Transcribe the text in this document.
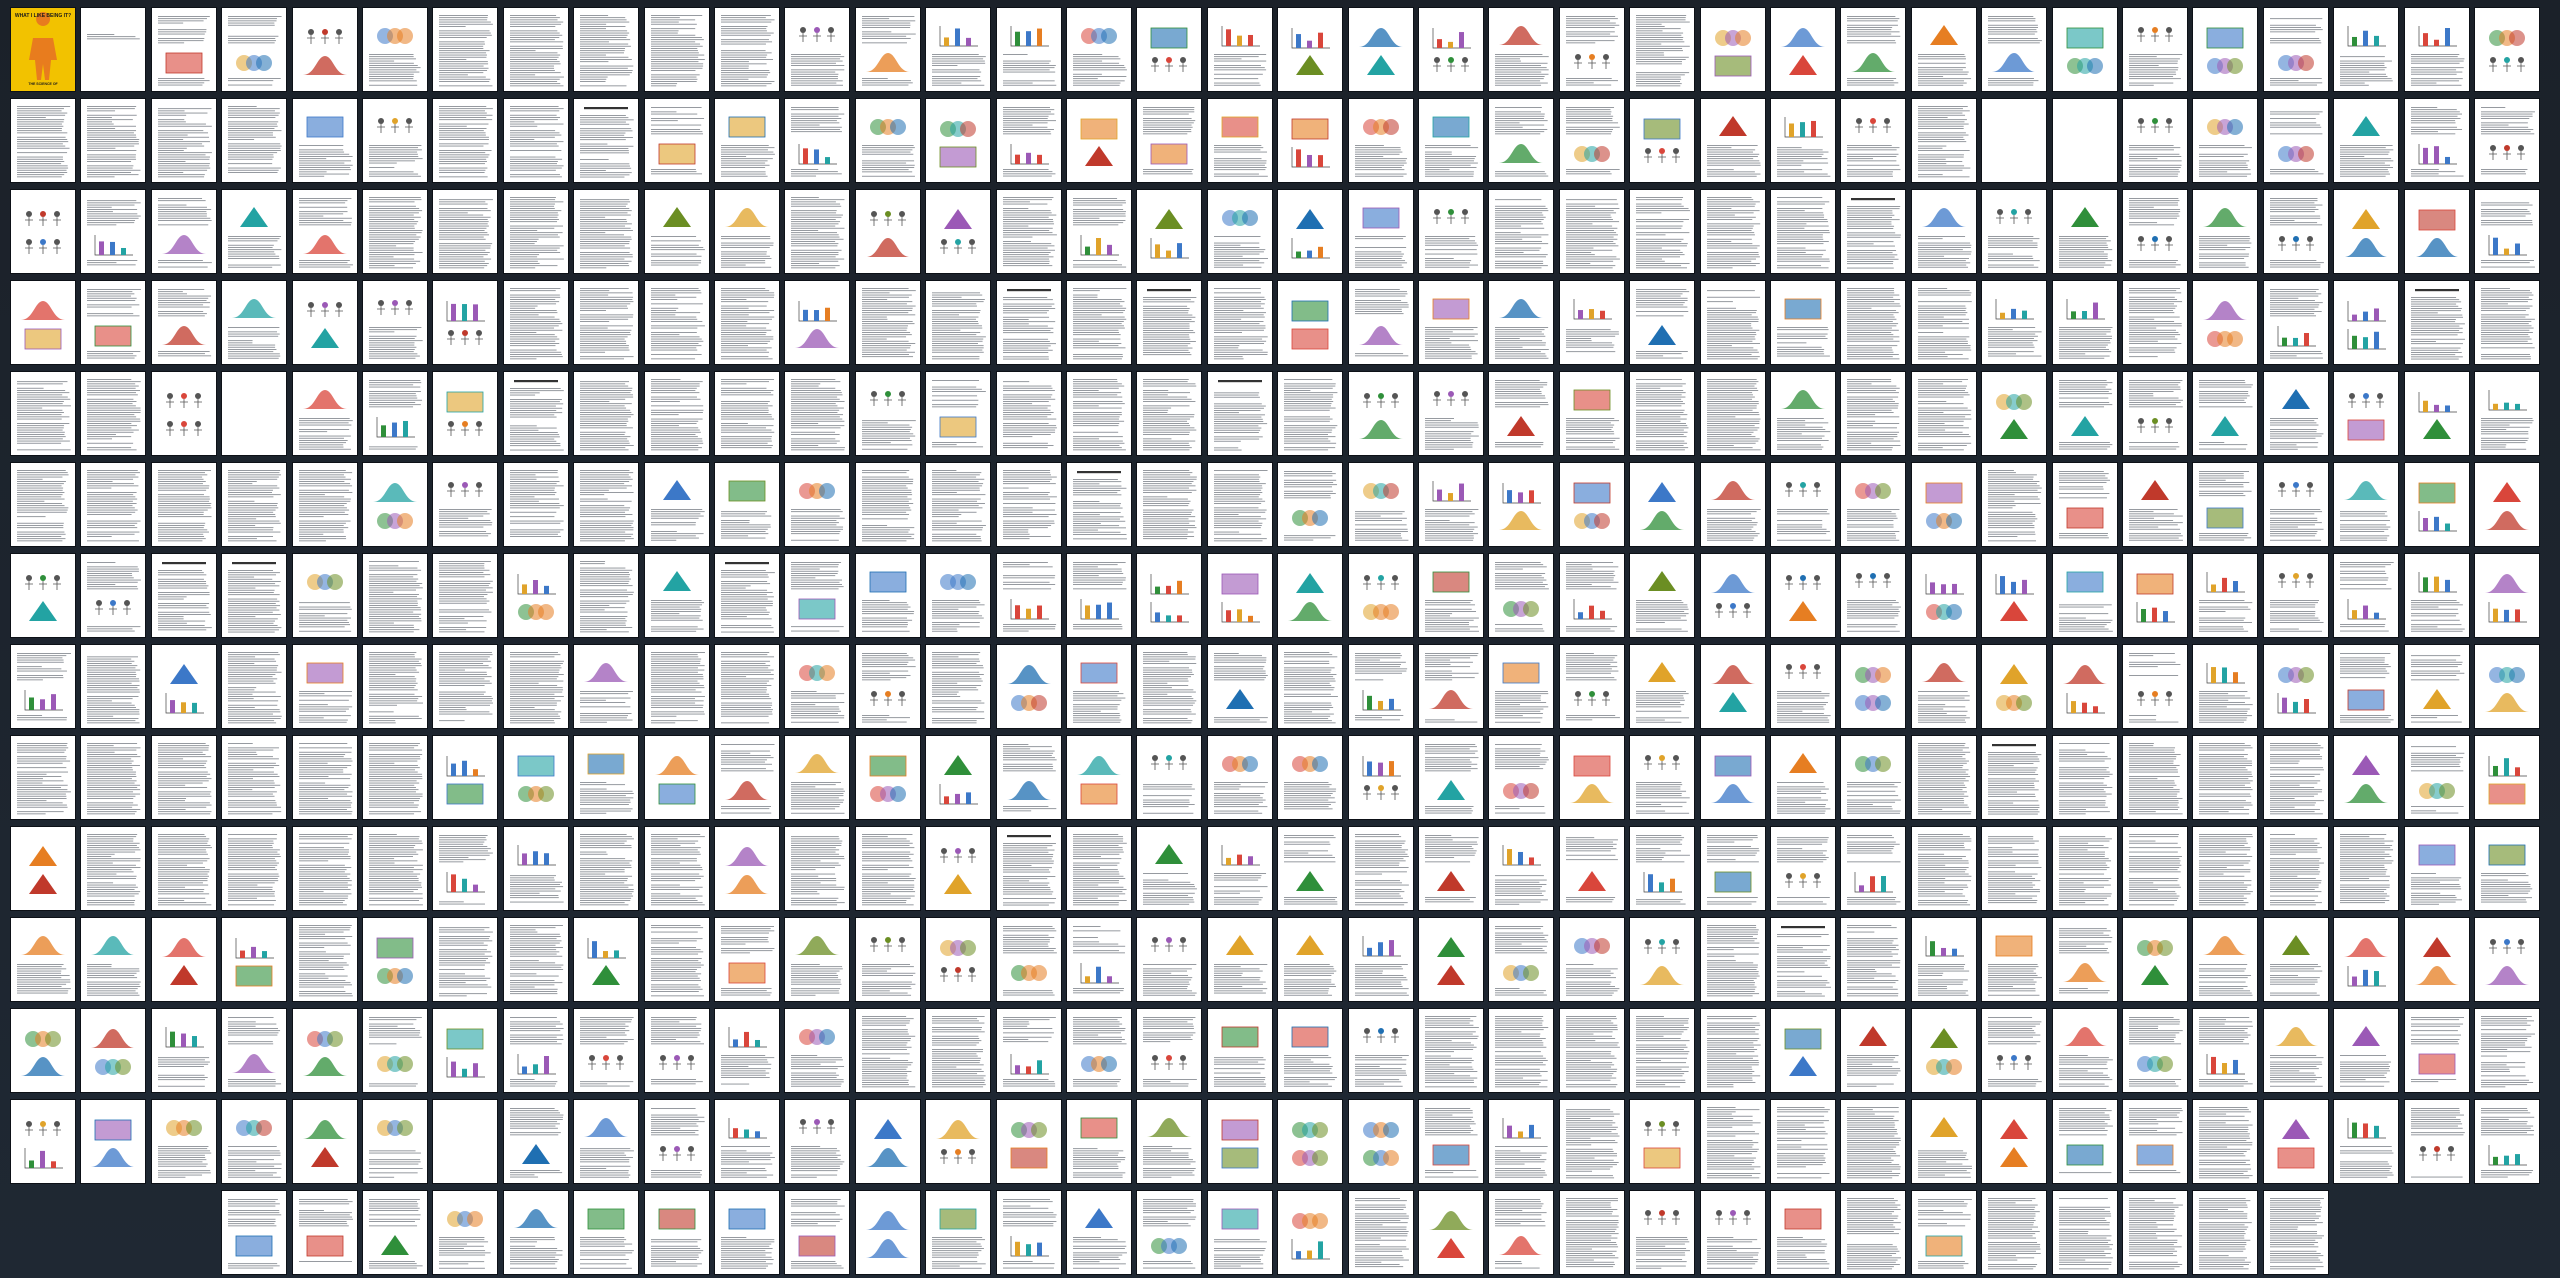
WHAT I LIKE BEING IT?
THE SCIENCE OF
